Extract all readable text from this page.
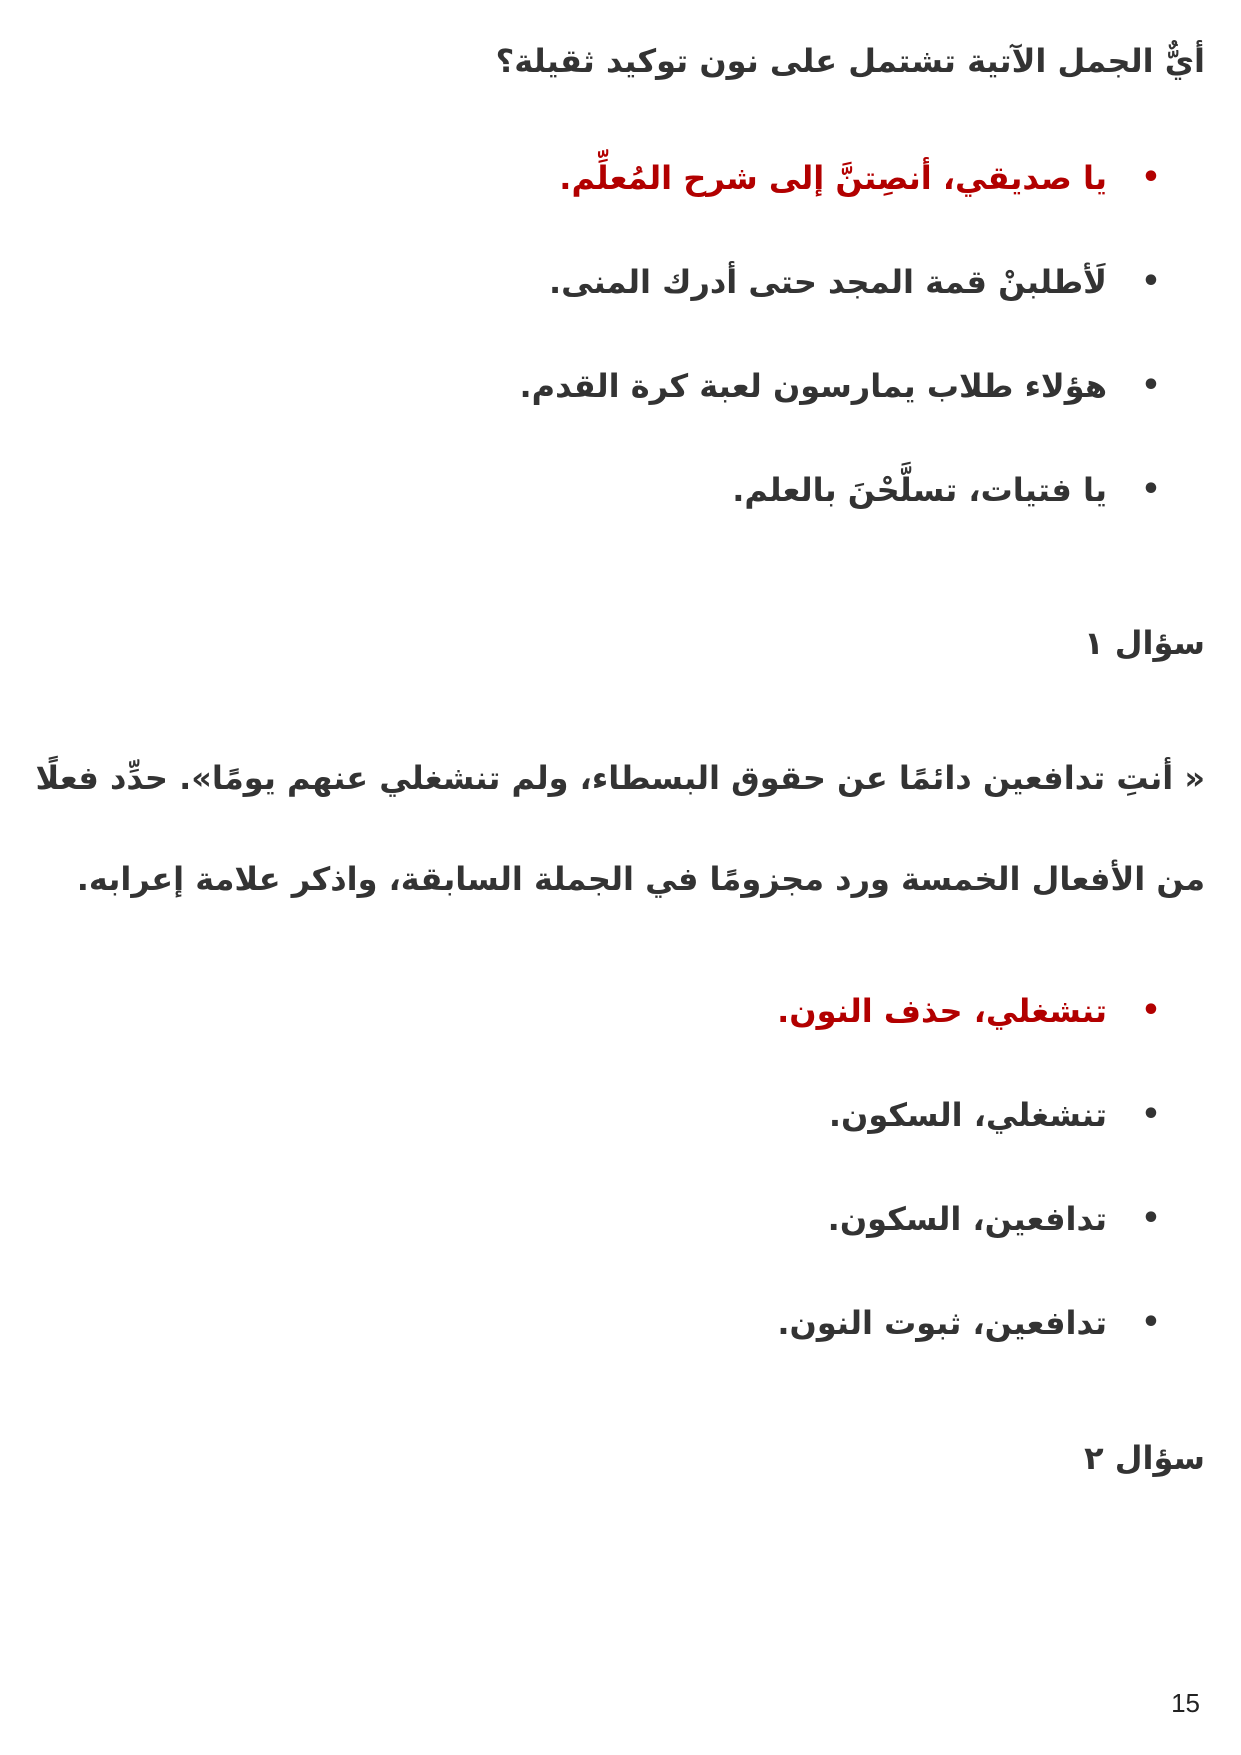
أيٌّ الجمل الآتية تشتمل على نون توكيد ثقيلة؟
•
يا صديقي، أنصِتنَّ إلى شرح المُعلِّم.
•
لَأطلبنْ قمة المجد حتى أدرك المنى.
•
هؤلاء طلاب يمارسون لعبة كرة القدم.
•
يا فتيات، تسلَّحْنَ بالعلم.
سؤال ١
« أنتِ تدافعين دائمًا عن حقوق البسطاء، ولم تنشغلي عنهم يومًا». حدِّد فعلًا
من الأفعال الخمسة ورد مجزومًا في الجملة السابقة، واذكر علامة إعرابه.
•
تنشغلي، حذف النون.
•
تنشغلي، السكون.
•
تدافعين، السكون.
•
تدافعين، ثبوت النون.
سؤال ٢
15
